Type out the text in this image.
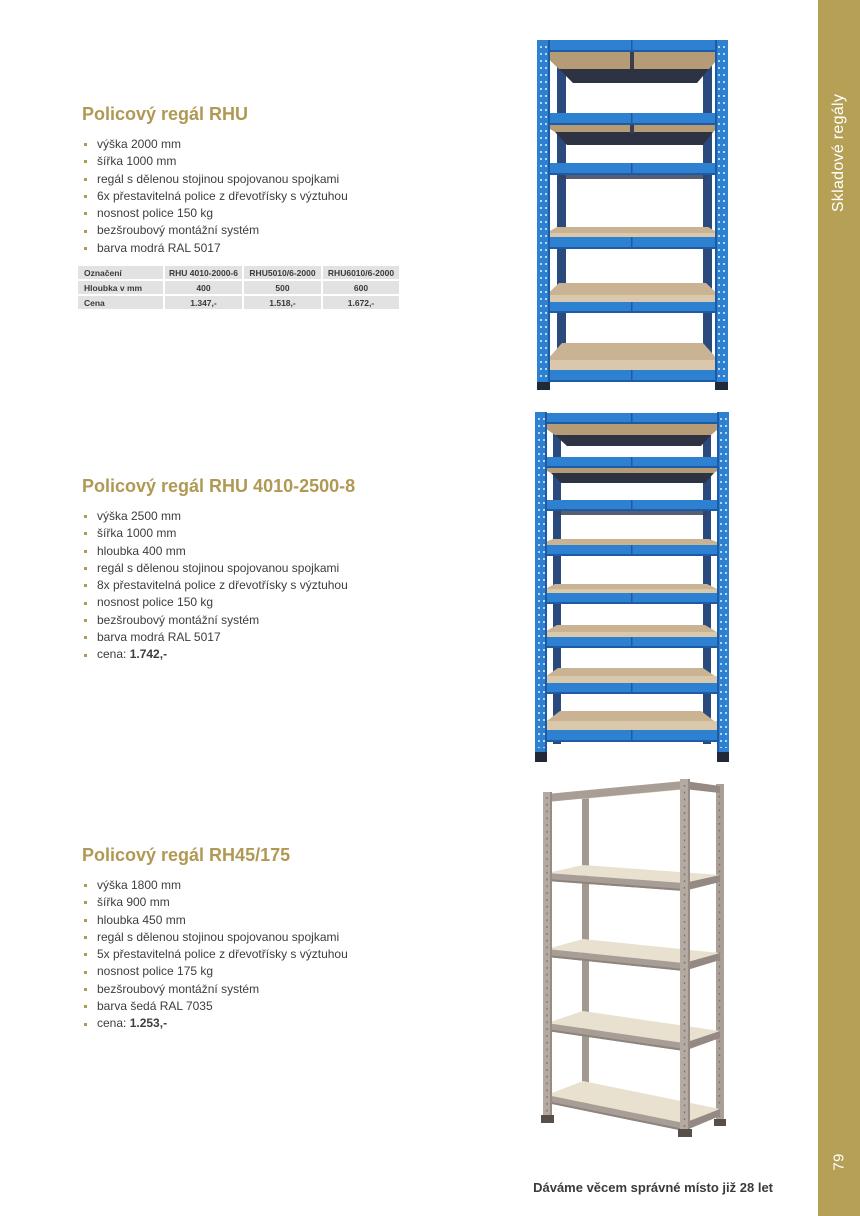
Policový regál RHU
výška 2000 mm
šířka 1000 mm
regál s dělenou stojinou spojovanou spojkami
6x přestavitelná police z dřevotřísky s výztuhou
nosnost police 150 kg
bezšroubový montážní systém
barva modrá RAL 5017
Označení	RHU 4010-2000-6	RHU5010/6-2000	RHU6010/6-2000
Hloubka v mm	400	500	600
Cena	1.347,-	1.518,-	1.672,-
Policový regál RHU 4010-2500-8
výška 2500 mm
šířka 1000 mm
hloubka 400 mm
regál s dělenou stojinou spojovanou spojkami
8x přestavitelná police z dřevotřísky s výztuhou
nosnost police 150 kg
bezšroubový montážní systém
barva modrá RAL 5017
cena: 1.742,-
Policový regál RH45/175
výška 1800 mm
šířka 900 mm
hloubka 450 mm
regál s dělenou stojinou spojovanou spojkami
5x přestavitelná police z dřevotřísky s výztuhou
nosnost police 175 kg
bezšroubový montážní systém
barva šedá RAL 7035
cena: 1.253,-
Dáváme věcem správné místo již 28 let
Skladové regály
79
